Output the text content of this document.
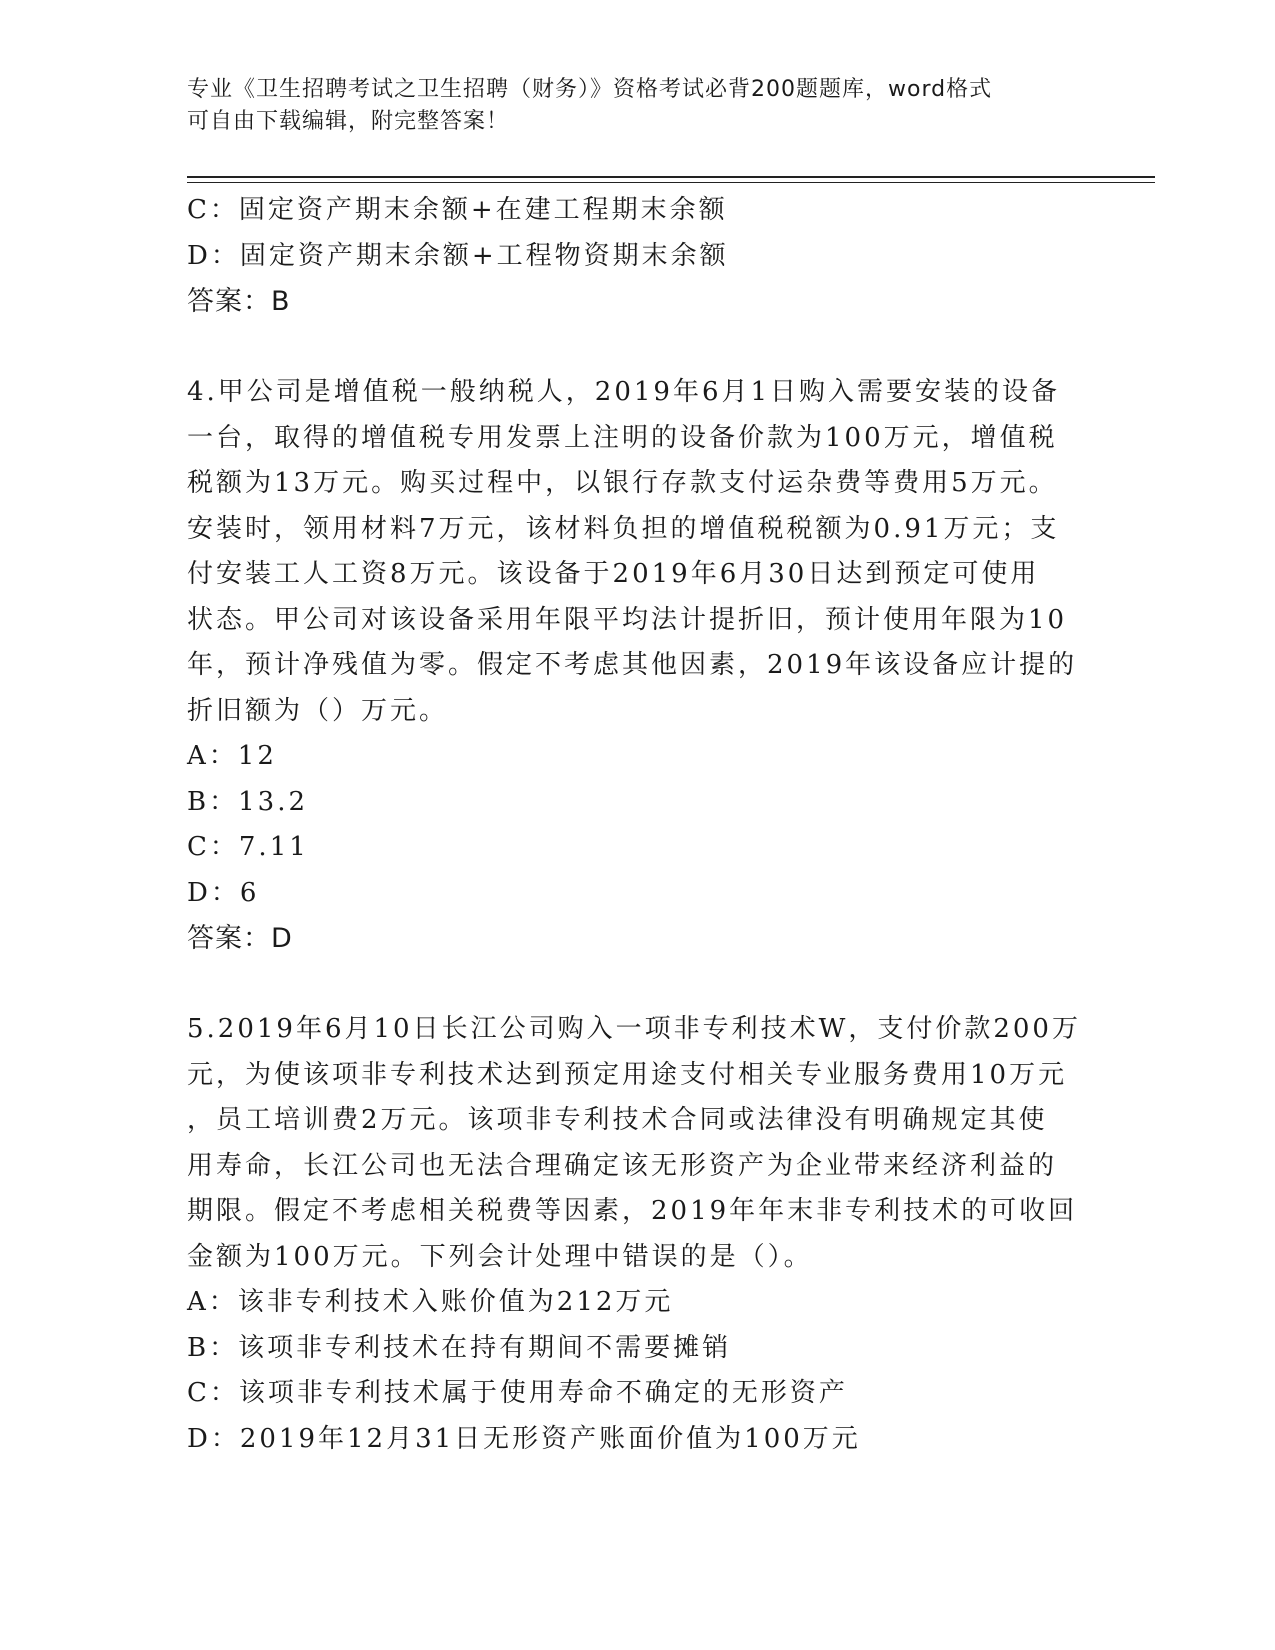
专业《卫生招聘考试之卫生招聘（财务）》资格考试必背200题题库，word格式
可自由下载编辑，附完整答案！
C：固定资产期末余额+在建工程期末余额
D：固定资产期末余额+工程物资期末余额
答案：B
4.甲公司是增值税一般纳税人，2019年6月1日购入需要安装的设备
一台，取得的增值税专用发票上注明的设备价款为100万元，增值税
税额为13万元。购买过程中，以银行存款支付运杂费等费用5万元。
安装时，领用材料7万元，该材料负担的增值税税额为0.91万元；支
付安装工人工资8万元。该设备于2019年6月30日达到预定可使用
状态。甲公司对该设备采用年限平均法计提折旧，预计使用年限为10
年，预计净残值为零。假定不考虑其他因素，2019年该设备应计提的
折旧额为（）万元。
A：12
B：13.2
C：7.11
D：6
答案：D
5.2019年6月10日长江公司购入一项非专利技术W，支付价款200万
元，为使该项非专利技术达到预定用途支付相关专业服务费用10万元
，员工培训费2万元。该项非专利技术合同或法律没有明确规定其使
用寿命，长江公司也无法合理确定该无形资产为企业带来经济利益的
期限。假定不考虑相关税费等因素，2019年年末非专利技术的可收回
金额为100万元。下列会计处理中错误的是（）。
A：该非专利技术入账价值为212万元
B：该项非专利技术在持有期间不需要摊销
C：该项非专利技术属于使用寿命不确定的无形资产
D：2019年12月31日无形资产账面价值为100万元
